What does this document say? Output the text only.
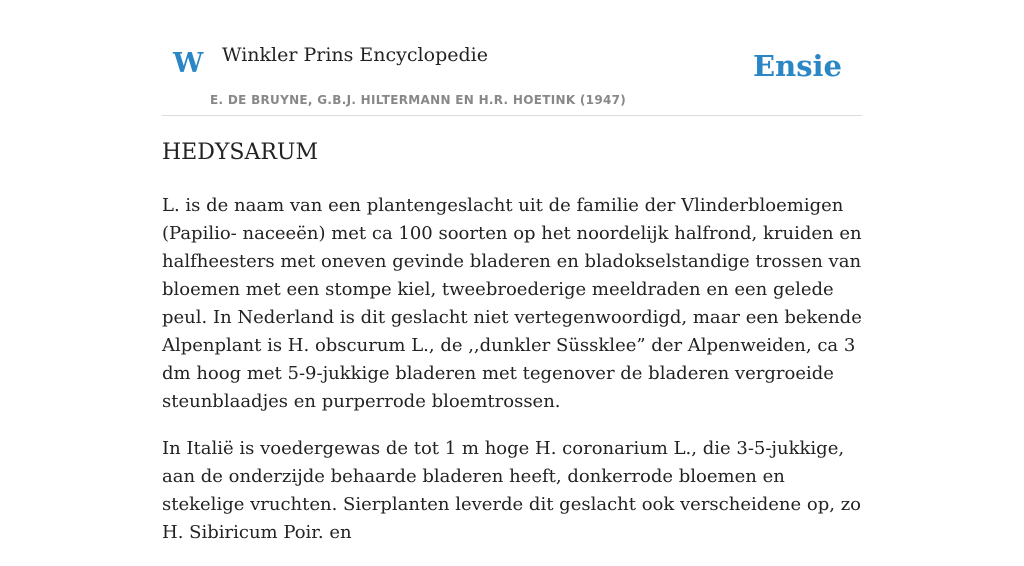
W Winkler Prins Encyclopedie
E. DE BRUYNE, G.B.J. HILTERMANN EN H.R. HOETINK (1947)
Ensie
HEDYSARUM

L. is de naam van een plantengeslacht uit de familie der Vlinderbloemigen (Papilio- naceeën) met ca 100 soorten op het noordelijk halfrond, kruiden en halfheesters met oneven gevinde bladeren en bladokselstandige trossen van bloemen met een stompe kiel, tweebroederige meeldraden en een gelede peul. In Nederland is dit geslacht niet vertegenwoordigd, maar een bekende Alpenplant is H. obscurum L., de ,,dunkler Süssklee” der Alpenweiden, ca 3 dm hoog met 5-9-jukkige bladeren met tegenover de bladeren vergroeide steunblaadjes en purperrode bloemtrossen.

In Italië is voedergewas de tot 1 m hoge H. coronarium L., die 3-5-jukkige, aan de onderzijde behaarde bladeren heeft, donkerrode bloemen en stekelige vruchten. Sierplanten leverde dit geslacht ook verscheidene op, zo H. Sibiricum Poir. en
